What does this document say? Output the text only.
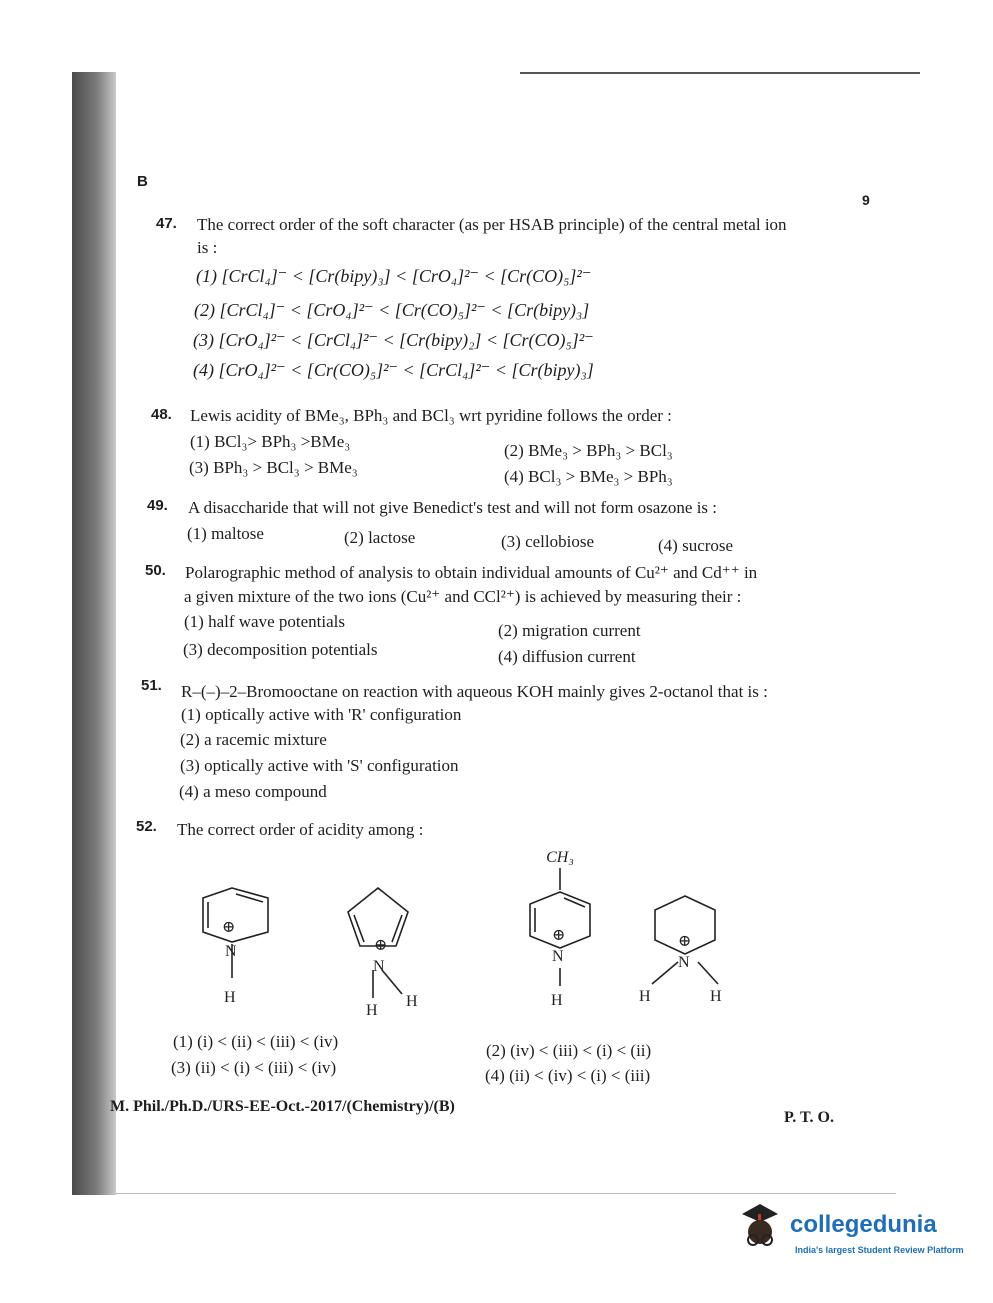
B
9
47. The correct order of the soft character (as per HSAB principle) of the central metal ion
is :
(1) [CrCl₄]⁻ < [Cr(bipy)₃] < [CrO₄]²⁻ < [Cr(CO)₅]²⁻
(2) [CrCl₄]⁻ < [CrO₄]²⁻ < [Cr(CO)₅]²⁻ < [Cr(bipy)₃]
(3) [CrO₄]²⁻ < [CrCl₄]²⁻ < [Cr(bipy)₂] < [Cr(CO)₅]²⁻
(4) [CrO₄]²⁻ < [Cr(CO)₅]²⁻ < [CrCl₄]²⁻ < [Cr(bipy)₃]
48. Lewis acidity of BMe₃, BPh₃ and BCl₃ wrt pyridine follows the order :
(1) BCl₃> BPh₃ >BMe₃	(2) BMe₃ > BPh₃ > BCl₃
(3) BPh₃ > BCl₃ > BMe₃	(4) BCl₃ > BMe₃ > BPh₃
49. A disaccharide that will not give Benedict's test and will not form osazone is :
(1) maltose	(2) lactose	(3) cellobiose	(4) sucrose
50. Polarographic method of analysis to obtain individual amounts of Cu²⁺ and Cd⁺⁺ in
a given mixture of the two ions (Cu²⁺ and CCl²⁺) is achieved by measuring their :
(1) half wave potentials	(2) migration current
(3) decomposition potentials	(4) diffusion current
51. R–(–)–2–Bromooctane on reaction with aqueous KOH mainly gives 2-octanol that is :
(1) optically active with 'R' configuration
(2) a racemic mixture
(3) optically active with 'S' configuration
(4) a meso compound
52. The correct order of acidity among :
⊕
N
H
⊕
N
H
H
CH₃
⊕
N
H
⊕
N
H	H
(1) (i) < (ii) < (iii) < (iv)	(2) (iv) < (iii) < (i) < (ii)
(3) (ii) < (i) < (iii) < (iv)	(4) (ii) < (iv) < (i) < (iii)
M. Phil./Ph.D./URS-EE-Oct.-2017/(Chemistry)/(B)
P. T. O.
collegedunia
India's largest Student Review Platform
